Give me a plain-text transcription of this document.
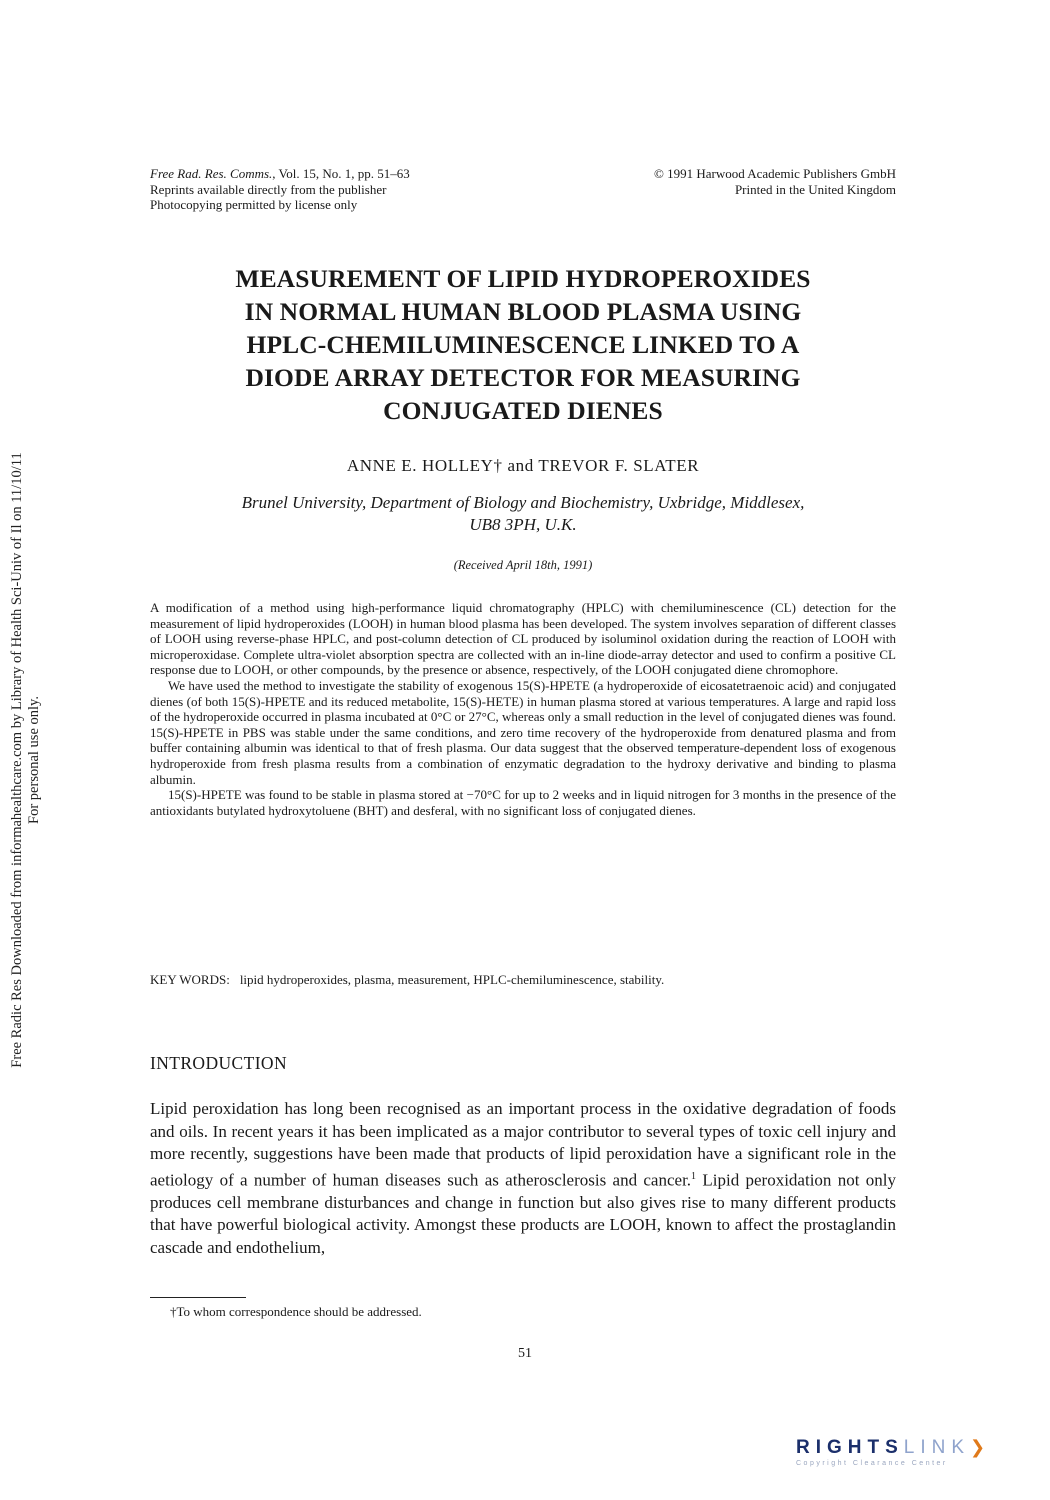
Free Radic Res Downloaded from informahealthcare.com by Library of Health Sci-Univ of Il on 11/10/11 For personal use only.
Free Rad. Res. Comms., Vol. 15, No. 1, pp. 51–63
Reprints available directly from the publisher
Photocopying permitted by license only
© 1991 Harwood Academic Publishers GmbH
Printed in the United Kingdom
MEASUREMENT OF LIPID HYDROPEROXIDES
IN NORMAL HUMAN BLOOD PLASMA USING
HPLC-CHEMILUMINESCENCE LINKED TO A
DIODE ARRAY DETECTOR FOR MEASURING
CONJUGATED DIENES
ANNE E. HOLLEY† and TREVOR F. SLATER
Brunel University, Department of Biology and Biochemistry, Uxbridge, Middlesex,
UB8 3PH, U.K.
(Received April 18th, 1991)

A modification of a method using high-performance liquid chromatography (HPLC) with chemiluminescence (CL) detection for the measurement of lipid hydroperoxides (LOOH) in human blood plasma has been developed. The system involves separation of different classes of LOOH using reverse-phase HPLC, and post-column detection of CL produced by isoluminol oxidation during the reaction of LOOH with microperoxidase. Complete ultra-violet absorption spectra are collected with an in-line diode-array detector and used to confirm a positive CL response due to LOOH, or other compounds, by the presence or absence, respectively, of the LOOH conjugated diene chromophore.

We have used the method to investigate the stability of exogenous 15(S)-HPETE (a hydroperoxide of eicosatetraenoic acid) and conjugated dienes (of both 15(S)-HPETE and its reduced metabolite, 15(S)-HETE) in human plasma stored at various temperatures. A large and rapid loss of the hydroperoxide occurred in plasma incubated at 0°C or 27°C, whereas only a small reduction in the level of conjugated dienes was found. 15(S)-HPETE in PBS was stable under the same conditions, and zero time recovery of the hydroperoxide from denatured plasma and from buffer containing albumin was identical to that of fresh plasma. Our data suggest that the observed temperature-dependent loss of exogenous hydroperoxide from fresh plasma results from a combination of enzymatic degradation to the hydroxy derivative and binding to plasma albumin.

15(S)-HPETE was found to be stable in plasma stored at −70°C for up to 2 weeks and in liquid nitrogen for 3 months in the presence of the antioxidants butylated hydroxytoluene (BHT) and desferal, with no significant loss of conjugated dienes.

KEY WORDS: lipid hydroperoxides, plasma, measurement, HPLC-chemiluminescence, stability.
INTRODUCTION

Lipid peroxidation has long been recognised as an important process in the oxidative degradation of foods and oils. In recent years it has been implicated as a major contributor to several types of toxic cell injury and more recently, suggestions have been made that products of lipid peroxidation have a significant role in the aetiology of a number of human diseases such as atherosclerosis and cancer.$^1$ Lipid peroxidation not only produces cell membrane disturbances and change in function but also gives rise to many different products that have powerful biological activity. Amongst these products are LOOH, known to affect the prostaglandin cascade and endothelium,

†To whom correspondence should be addressed.
51
RIGHTSLINK❯
Copyright Clearance Center
